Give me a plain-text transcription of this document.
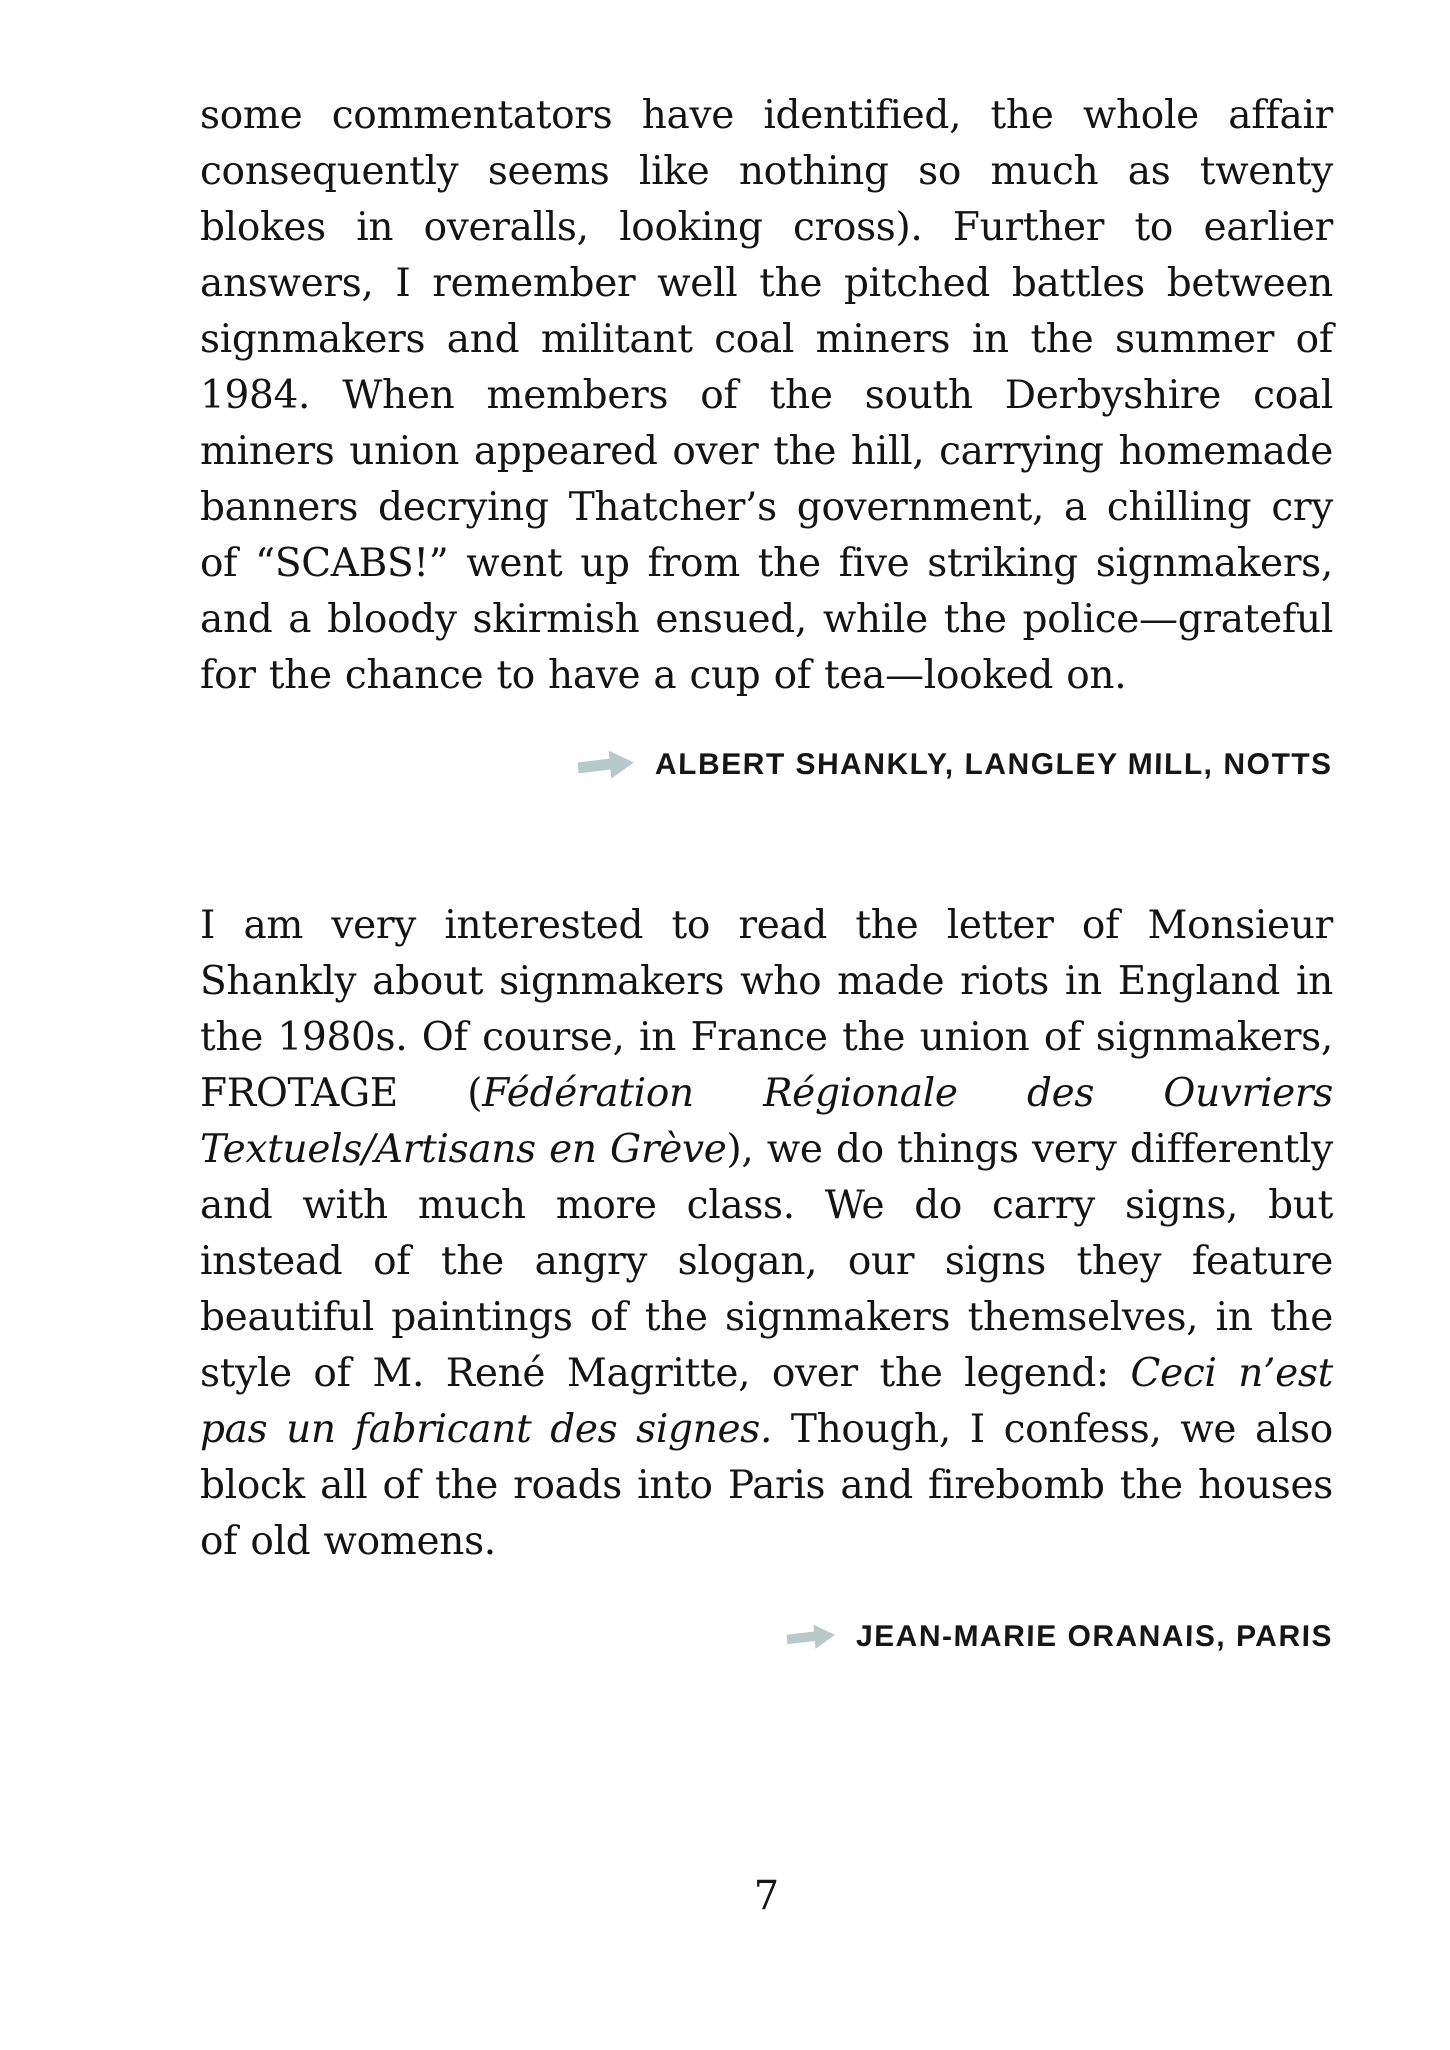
some commentators have identified, the whole affair consequently seems like nothing so much as twenty blokes in overalls, looking cross). Further to earlier answers, I remember well the pitched battles between signmakers and militant coal miners in the summer of 1984. When members of the south Derbyshire coal miners union appeared over the hill, carrying homemade banners decrying Thatcher’s government, a chilling cry of “SCABS!” went up from the five striking signmakers, and a bloody skirmish ensued, while the police—grateful for the chance to have a cup of tea—looked on.

ALBERT SHANKLY, LANGLEY MILL, NOTTS

I am very interested to read the letter of Monsieur Shankly about signmakers who made riots in England in the 1980s. Of course, in France the union of signmakers, FROTAGE (Fédération Régionale des Ouvriers Textuels/Artisans en Grève), we do things very differently and with much more class. We do carry signs, but instead of the angry slogan, our signs they feature beautiful paintings of the signmakers themselves, in the style of M. René Magritte, over the legend: Ceci n’est pas un fabricant des signes. Though, I confess, we also block all of the roads into Paris and firebomb the houses of old womens.

JEAN-MARIE ORANAIS, PARIS
7
